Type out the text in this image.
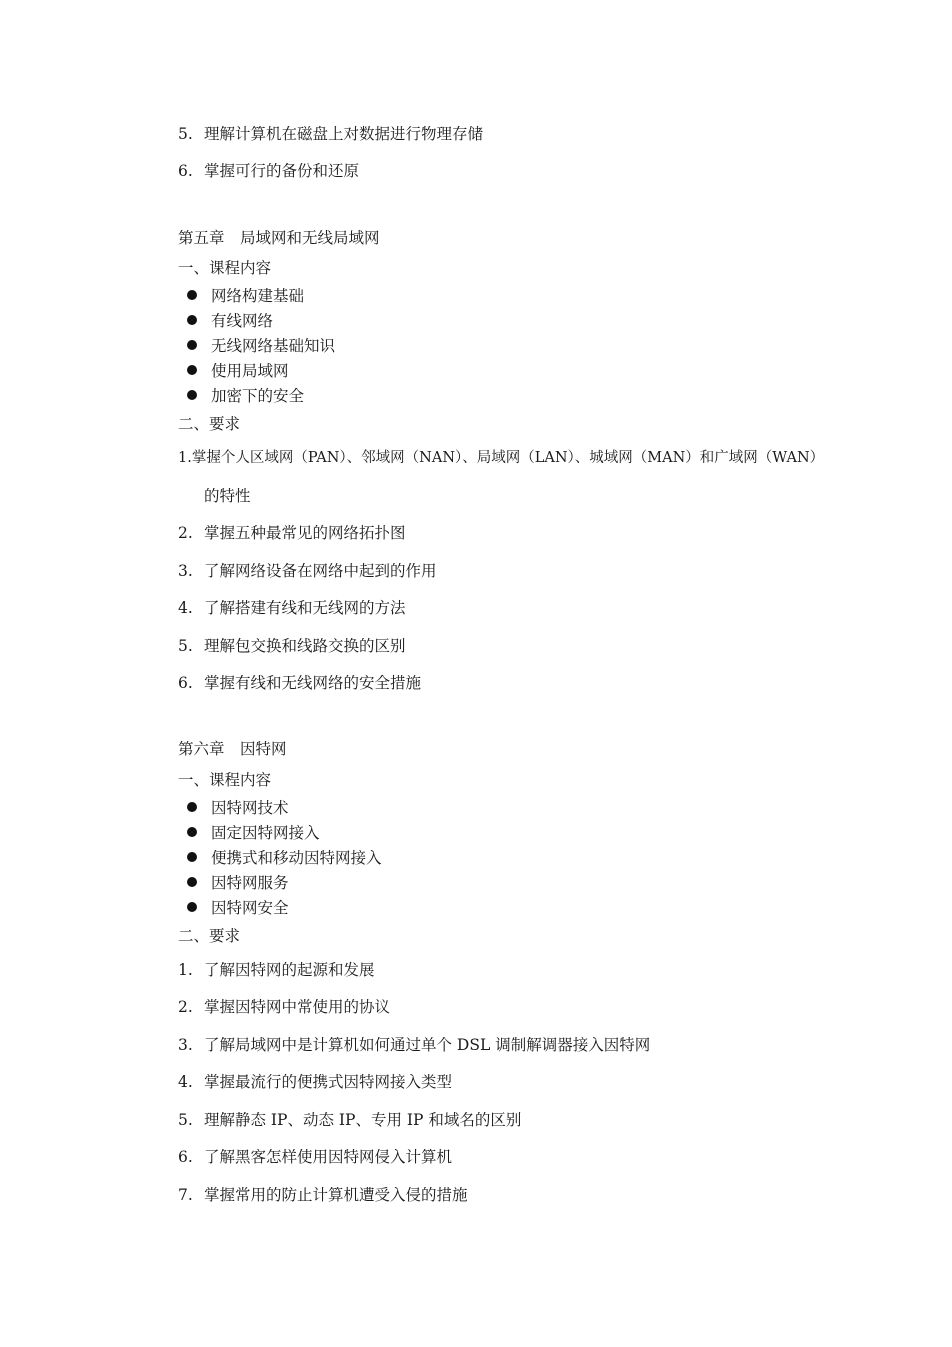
5. 理解计算机在磁盘上对数据进行物理存储
6. 掌握可行的备份和还原
第五章　局域网和无线局域网
一、课程内容
网络构建基础
有线网络
无线网络基础知识
使用局域网
加密下的安全
二、要求
1.掌握个人区域网（PAN）、邻域网（NAN）、局域网（LAN）、城域网（MAN）和广域网（WAN）
的特性
2. 掌握五种最常见的网络拓扑图
3. 了解网络设备在网络中起到的作用
4. 了解搭建有线和无线网的方法
5. 理解包交换和线路交换的区别
6. 掌握有线和无线网络的安全措施
第六章　因特网
一、课程内容
因特网技术
固定因特网接入
便携式和移动因特网接入
因特网服务
因特网安全
二、要求
1. 了解因特网的起源和发展
2. 掌握因特网中常使用的协议
3. 了解局域网中是计算机如何通过单个 DSL 调制解调器接入因特网
4. 掌握最流行的便携式因特网接入类型
5. 理解静态 IP、动态 IP、专用 IP 和域名的区别
6. 了解黑客怎样使用因特网侵入计算机
7. 掌握常用的防止计算机遭受入侵的措施
